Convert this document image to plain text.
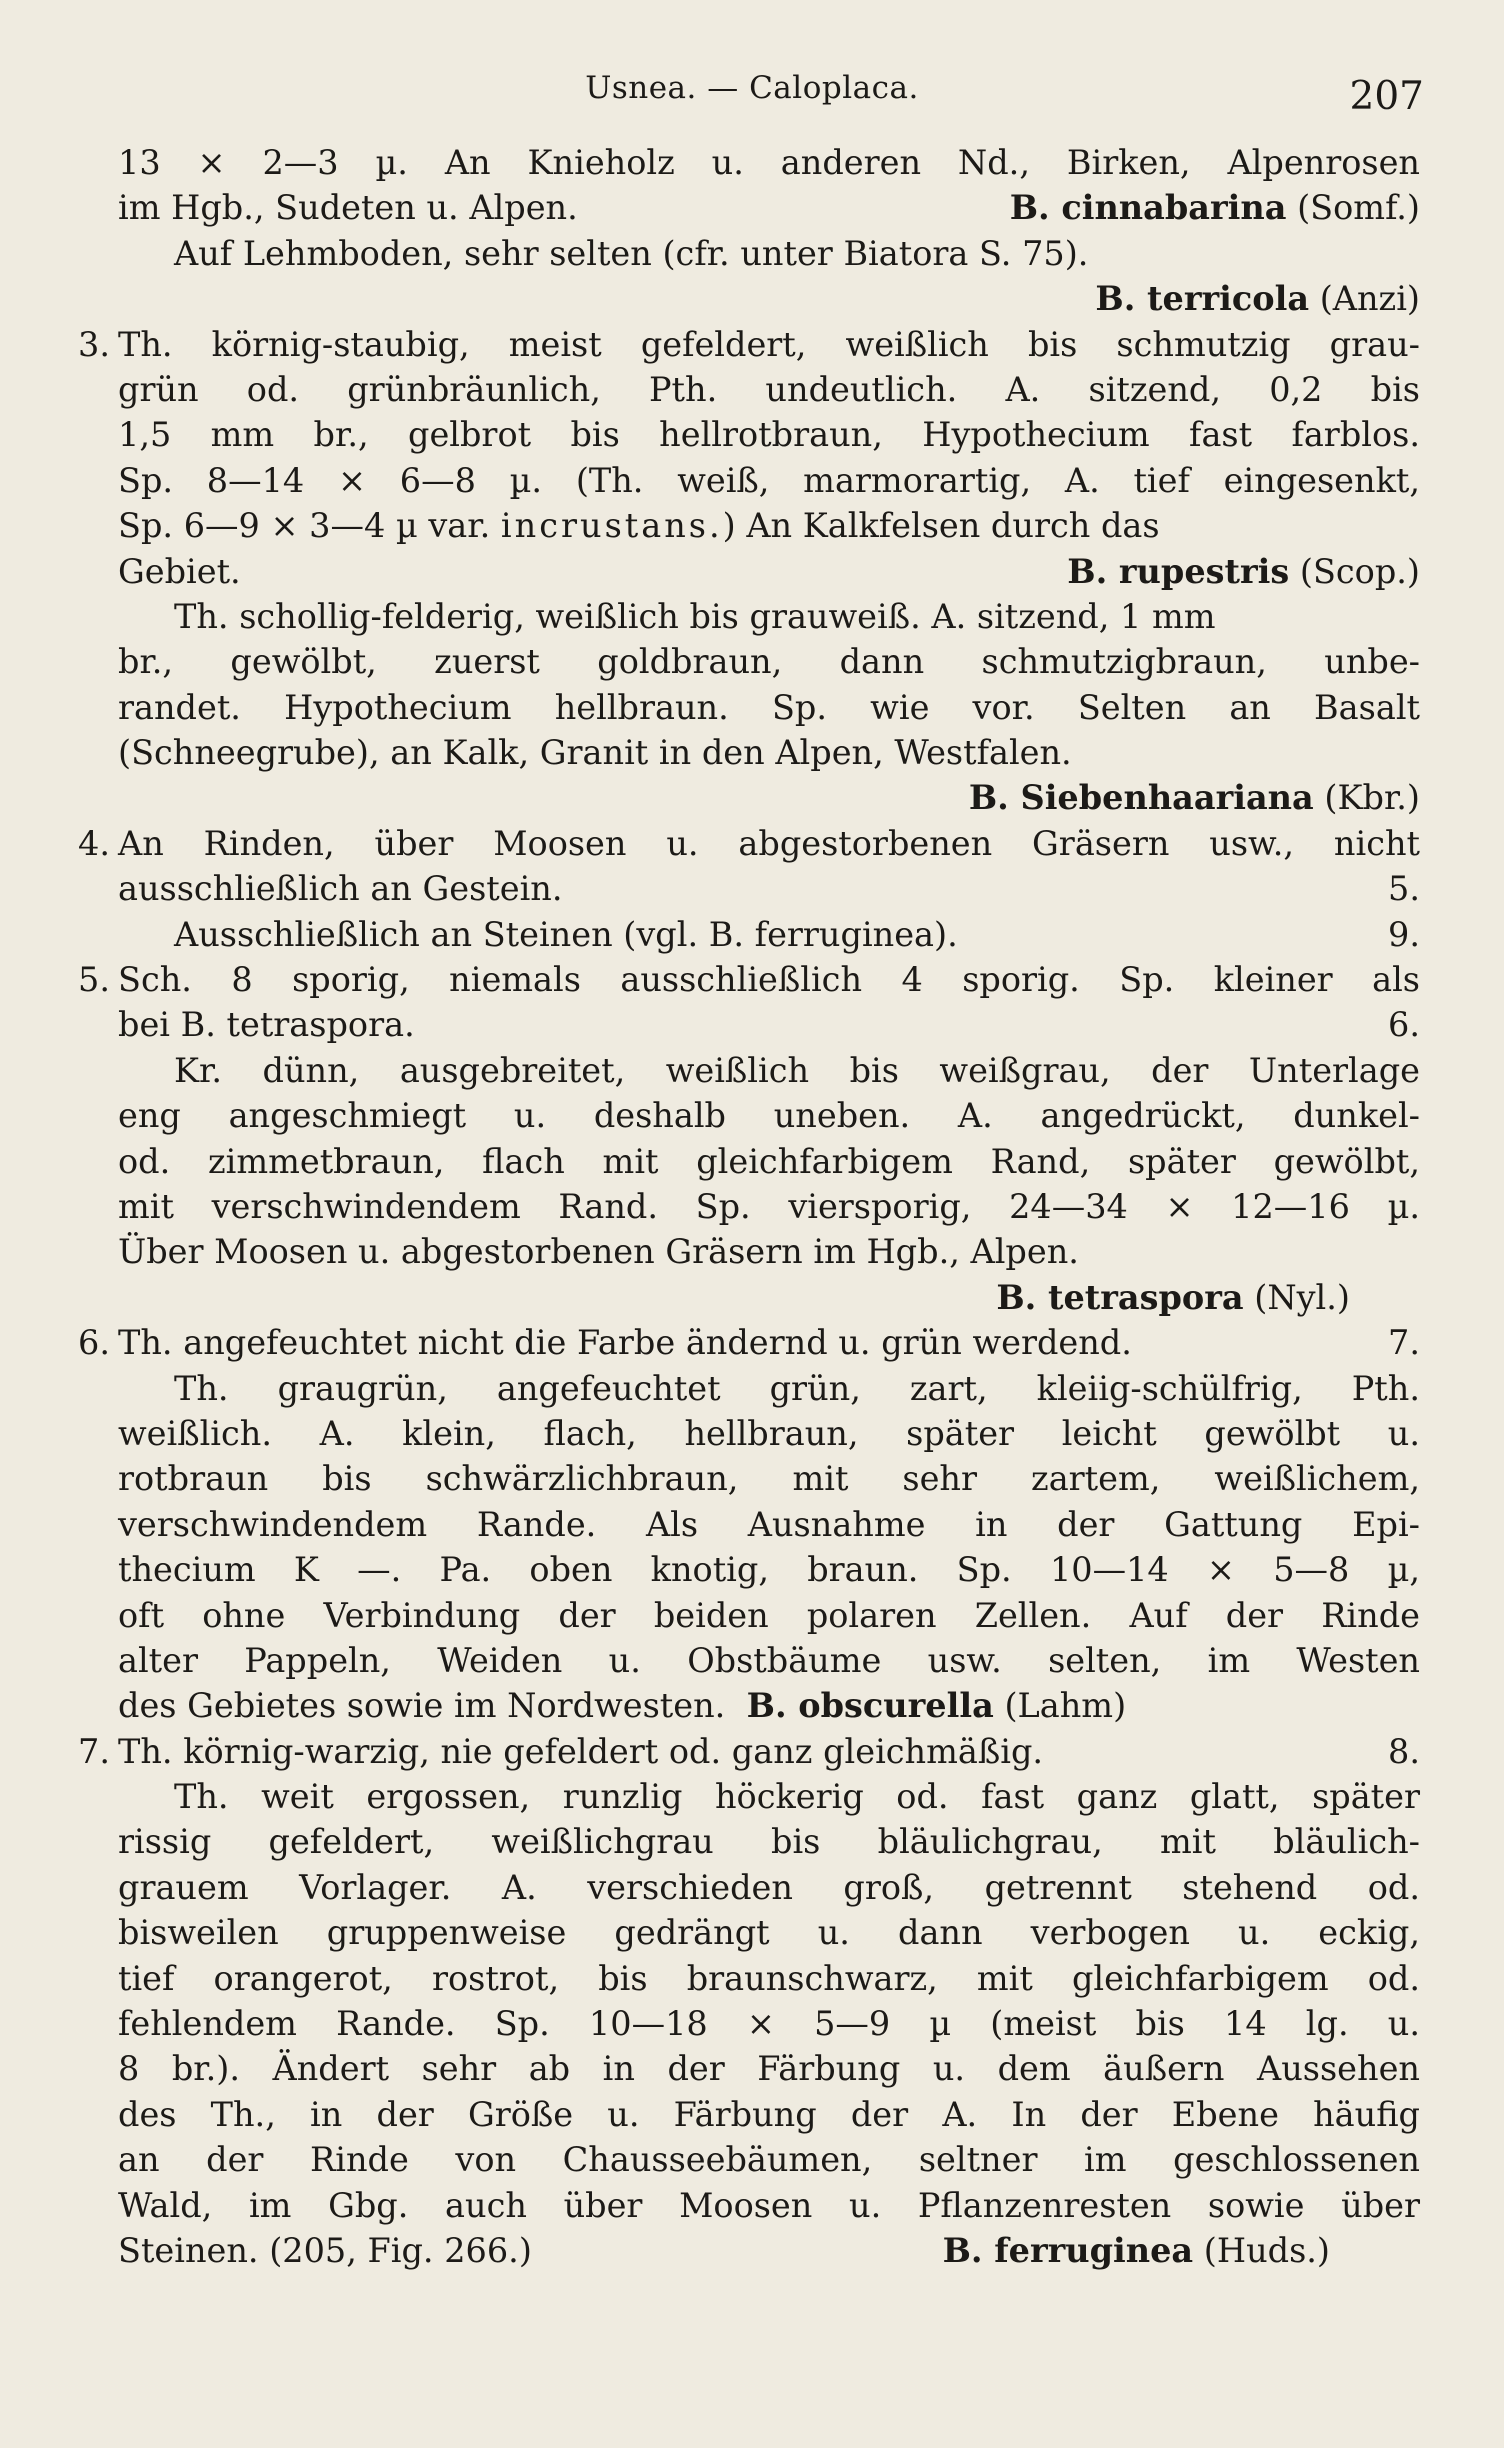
Usnea. — Caloplaca.	207
13 × 2—3 µ. An Knieholz u. anderen Nd., Birken, Alpenrosen
im Hgb., Sudeten u. Alpen.	B. cinnabarina (Somf.)
Auf Lehmboden, sehr selten (cfr. unter Biatora S. 75).
B. terricola (Anzi)
3. Th. körnig-staubig, meist gefeldert, weißlich bis schmutzig grau-
grün od. grünbräunlich, Pth. undeutlich. A. sitzend, 0,2 bis
1,5 mm br., gelbrot bis hellrotbraun, Hypothecium fast farblos.
Sp. 8—14 × 6—8 µ. (Th. weiß, marmorartig, A. tief eingesenkt,
Sp. 6—9 × 3—4 µ var. incrustans.) An Kalkfelsen durch das
Gebiet.	B. rupestris (Scop.)
Th. schollig-felderig, weißlich bis grauweiß. A. sitzend, 1 mm
br., gewölbt, zuerst goldbraun, dann schmutzigbraun, unbe-
randet. Hypothecium hellbraun. Sp. wie vor. Selten an Basalt
(Schneegrube), an Kalk, Granit in den Alpen, Westfalen.
B. Siebenhaariana (Kbr.)
4. An Rinden, über Moosen u. abgestorbenen Gräsern usw., nicht
ausschließlich an Gestein.	5.
Ausschließlich an Steinen (vgl. B. ferruginea).	9.
5. Sch. 8 sporig, niemals ausschließlich 4 sporig. Sp. kleiner als
bei B. tetraspora.	6.
Kr. dünn, ausgebreitet, weißlich bis weißgrau, der Unterlage
eng angeschmiegt u. deshalb uneben. A. angedrückt, dunkel-
od. zimmetbraun, flach mit gleichfarbigem Rand, später gewölbt,
mit verschwindendem Rand. Sp. viersporig, 24—34 × 12—16 µ.
Über Moosen u. abgestorbenen Gräsern im Hgb., Alpen.
B. tetraspora (Nyl.)
6. Th. angefeuchtet nicht die Farbe ändernd u. grün werdend.	7.
Th. graugrün, angefeuchtet grün, zart, kleiig-schülfrig, Pth.
weißlich. A. klein, flach, hellbraun, später leicht gewölbt u.
rotbraun bis schwärzlichbraun, mit sehr zartem, weißlichem,
verschwindendem Rande. Als Ausnahme in der Gattung Epi-
thecium K —. Pa. oben knotig, braun. Sp. 10—14 × 5—8 µ,
oft ohne Verbindung der beiden polaren Zellen. Auf der Rinde
alter Pappeln, Weiden u. Obstbäume usw. selten, im Westen
des Gebietes sowie im Nordwesten. B. obscurella (Lahm)
7. Th. körnig-warzig, nie gefeldert od. ganz gleichmäßig.	8.
Th. weit ergossen, runzlig höckerig od. fast ganz glatt, später
rissig gefeldert, weißlichgrau bis bläulichgrau, mit bläulich-
grauem Vorlager. A. verschieden groß, getrennt stehend od.
bisweilen gruppenweise gedrängt u. dann verbogen u. eckig,
tief orangerot, rostrot, bis braunschwarz, mit gleichfarbigem od.
fehlendem Rande. Sp. 10—18 × 5—9 µ (meist bis 14 lg. u.
8 br.). Ändert sehr ab in der Färbung u. dem äußern Aussehen
des Th., in der Größe u. Färbung der A. In der Ebene häufig
an der Rinde von Chausseebäumen, seltner im geschlossenen
Wald, im Gbg. auch über Moosen u. Pflanzenresten sowie über
Steinen. (205, Fig. 266.)	B. ferruginea (Huds.)
